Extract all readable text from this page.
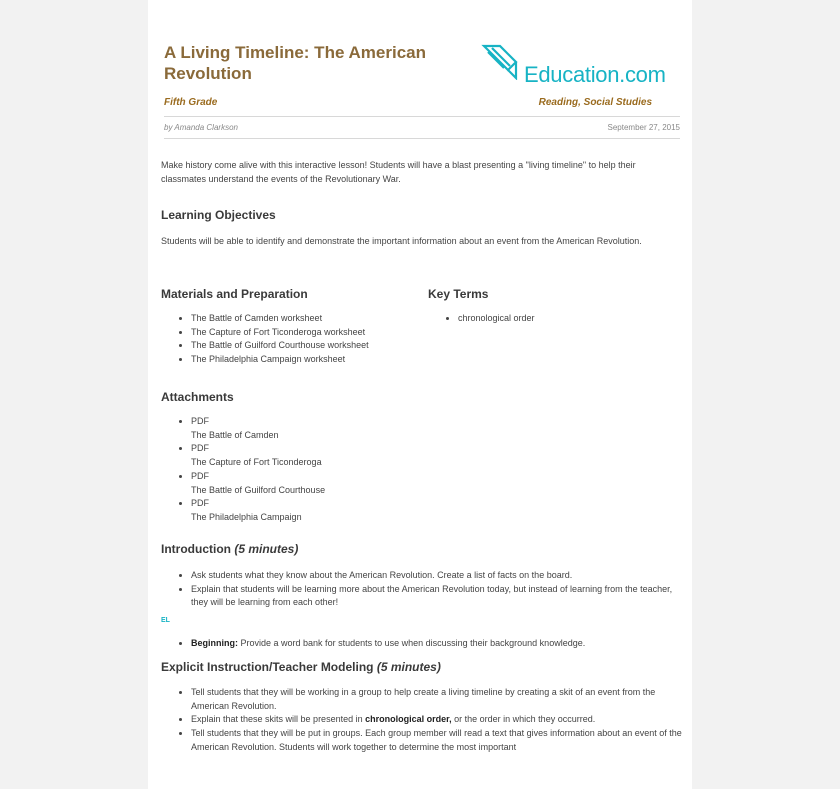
A Living Timeline: The American Revolution	Education.com
Fifth Grade	Reading, Social Studies
by Amanda Clarkson	September 27, 2015
Make history come alive with this interactive lesson! Students will have a blast presenting a "living timeline" to help their classmates understand the events of the Revolutionary War.
Learning Objectives
Students will be able to identify and demonstrate the important information about an event from the American Revolution.
Materials and Preparation
• The Battle of Camden worksheet
• The Capture of Fort Ticonderoga worksheet
• The Battle of Guilford Courthouse worksheet
• The Philadelphia Campaign worksheet
Key Terms
• chronological order
Attachments
• PDF
The Battle of Camden
• PDF
The Capture of Fort Ticonderoga
• PDF
The Battle of Guilford Courthouse
• PDF
The Philadelphia Campaign
Introduction (5 minutes)
• Ask students what they know about the American Revolution. Create a list of facts on the board.
• Explain that students will be learning more about the American Revolution today, but instead of learning from the teacher, they will be learning from each other!
EL
• Beginning: Provide a word bank for students to use when discussing their background knowledge.
Explicit Instruction/Teacher Modeling (5 minutes)
• Tell students that they will be working in a group to help create a living timeline by creating a skit of an event from the American Revolution.
• Explain that these skits will be presented in chronological order, or the order in which they occurred.
• Tell students that they will be put in groups. Each group member will read a text that gives information about an event of the American Revolution. Students will work together to determine the most important
